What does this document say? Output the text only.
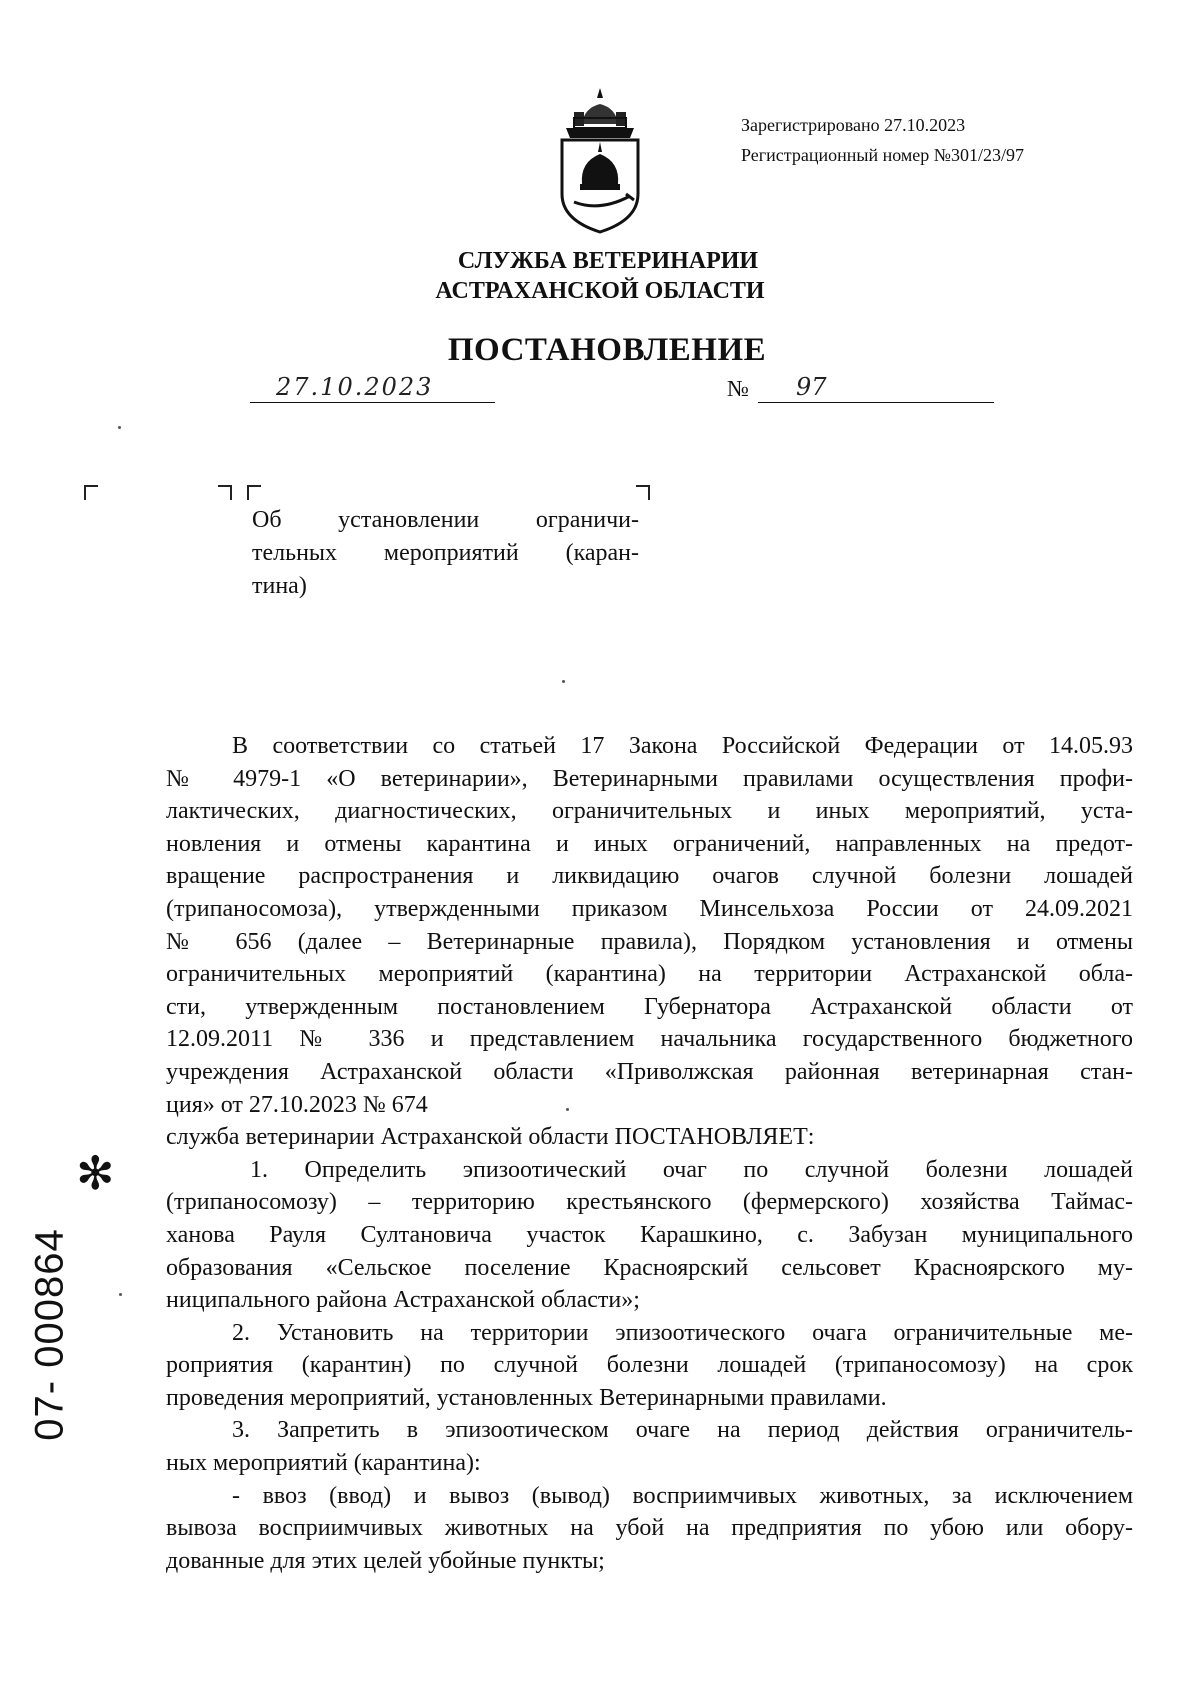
Зарегистрировано 27.10.2023
Регистрационный номер №301/23/97
СЛУЖБА ВЕТЕРИНАРИИ
АСТРАХАНСКОЙ ОБЛАСТИ
ПОСТАНОВЛЕНИЕ
27.10.2023	№ 97
Об установлении ограничи-
тельных мероприятий (каран-
тина)
В соответствии со статьей 17 Закона Российской Федерации от 14.05.93
№ 4979-1 «О ветеринарии», Ветеринарными правилами осуществления профи-
лактических, диагностических, ограничительных и иных мероприятий, уста-
новления и отмены карантина и иных ограничений, направленных на предот-
вращение распространения и ликвидацию очагов случной болезни лошадей
(трипаносомоза), утвержденными приказом Минсельхоза России от 24.09.2021
№ 656 (далее – Ветеринарные правила), Порядком установления и отмены
ограничительных мероприятий (карантина) на территории Астраханской обла-
сти, утвержденным постановлением Губернатора Астраханской области от
12.09.2011 № 336 и представлением начальника государственного бюджетного
учреждения Астраханской области «Приволжская районная ветеринарная стан-
ция» от 27.10.2023 № 674
служба ветеринарии Астраханской области ПОСТАНОВЛЯЕТ:
1. Определить эпизоотический очаг по случной болезни лошадей
(трипаносомозу) – территорию крестьянского (фермерского) хозяйства Таймас-
ханова Рауля Султановича участок Карашкино, с. Забузан муниципального
образования «Сельское поселение Красноярский сельсовет Красноярского му-
ниципального района Астраханской области»;
2. Установить на территории эпизоотического очага ограничительные ме-
роприятия (карантин) по случной болезни лошадей (трипаносомозу) на срок
проведения мероприятий, установленных Ветеринарными правилами.
3. Запретить в эпизоотическом очаге на период действия ограничитель-
ных мероприятий (карантина):
- ввоз (ввод) и вывоз (вывод) восприимчивых животных, за исключением
вывоза восприимчивых животных на убой на предприятия по убою или обору-
дованные для этих целей убойные пункты;
✻
07- 000864
